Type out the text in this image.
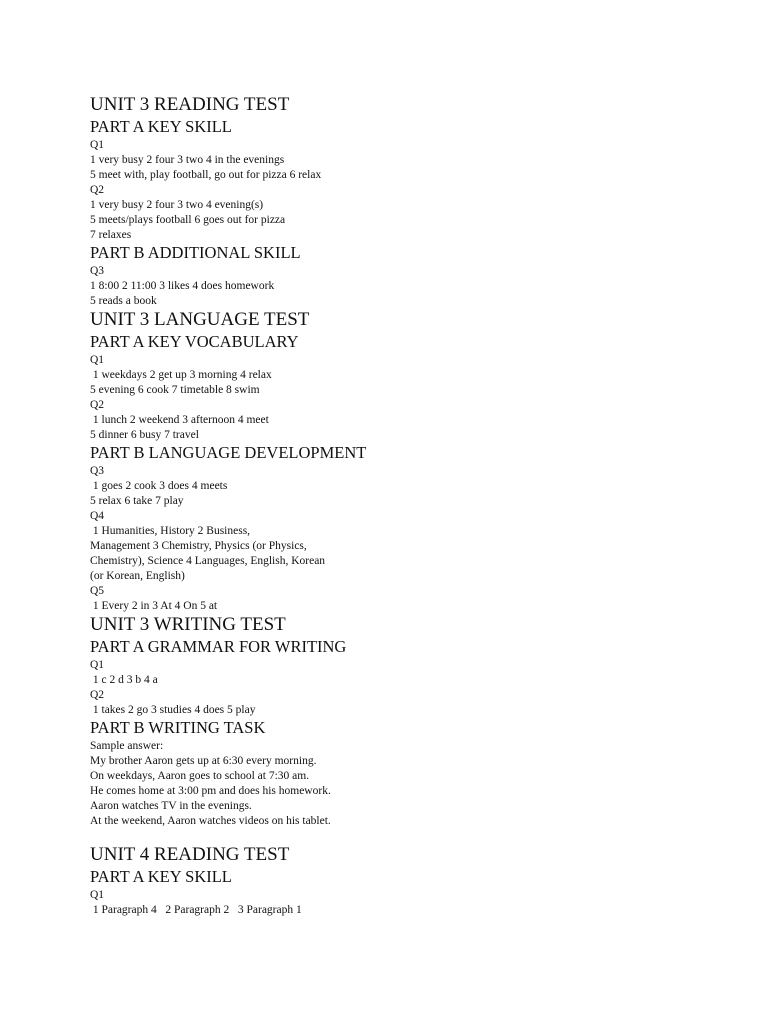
UNIT 3 READING TEST
PART A KEY SKILL
Q1
1 very busy 2 four 3 two 4 in the evenings
5 meet with, play football, go out for pizza 6 relax
Q2
1 very busy 2 four 3 two 4 evening(s)
5 meets/plays football 6 goes out for pizza
7 relaxes
PART B ADDITIONAL SKILL
Q3
1 8:00 2 11:00 3 likes 4 does homework
5 reads a book
UNIT 3 LANGUAGE TEST
PART A KEY VOCABULARY
Q1
1 weekdays 2 get up 3 morning 4 relax
5 evening 6 cook 7 timetable 8 swim
Q2
1 lunch 2 weekend 3 afternoon 4 meet
5 dinner 6 busy 7 travel
PART B LANGUAGE DEVELOPMENT
Q3
1 goes 2 cook 3 does 4 meets
5 relax 6 take 7 play
Q4
1 Humanities, History 2 Business,
Management 3 Chemistry, Physics (or Physics,
Chemistry), Science 4 Languages, English, Korean
(or Korean, English)
Q5
1 Every 2 in 3 At 4 On 5 at
UNIT 3 WRITING TEST
PART A GRAMMAR FOR WRITING
Q1
1 c 2 d 3 b 4 a
Q2
1 takes 2 go 3 studies 4 does 5 play
PART B WRITING TASK
Sample answer:
My brother Aaron gets up at 6:30 every morning.
On weekdays, Aaron goes to school at 7:30 am.
He comes home at 3:00 pm and does his homework.
Aaron watches TV in the evenings.
At the weekend, Aaron watches videos on his tablet.
UNIT 4 READING TEST
PART A KEY SKILL
Q1
1 Paragraph 4   2 Paragraph 2   3 Paragraph 1
